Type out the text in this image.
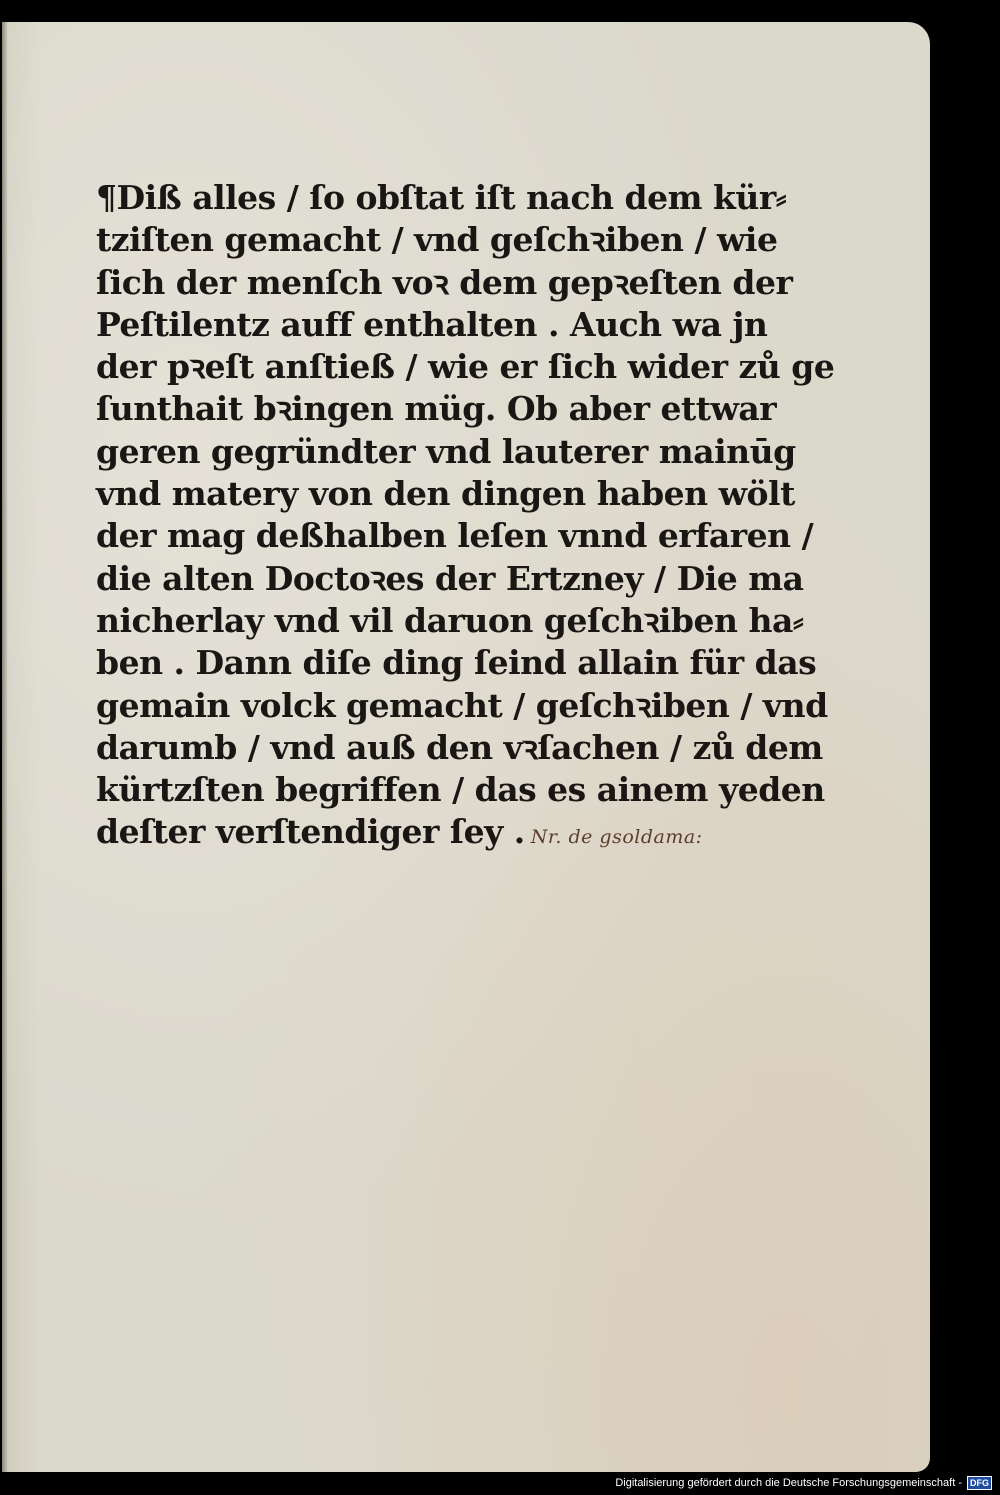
¶Diß alles / ſo obſtat iſt nach dem kür⸗
tziſten gemacht / vnd geſchꝛiben / wie
ſich der menſch voꝛ dem gepꝛeſten der
Peſtilentz auff enthalten . Auch wa jn
der pꝛeſt anſtieß / wie er ſich wider zů ge
ſunthait bꝛingen müg. Ob aber ettwar
geren gegründter vnd lauterer mainūg
vnd matery von den dingen haben wölt
der mag deßhalben leſen vnnd erfaren /
die alten Doctoꝛes der Ertzney / Die ma
nicherlay vnd vil daruon geſchꝛiben ha⸗
ben . Dann diſe ding ſeind allain für das
gemain volck gemacht / geſchꝛiben / vnd
darumb / vnd auß den vꝛſachen / zů dem
kürtzſten begriffen / das es ainem yeden
deſter verſtendiger ſey . Nr. de gsoldama:
Digitalisierung gefördert durch die Deutsche Forschungsgemeinschaft - DFG
